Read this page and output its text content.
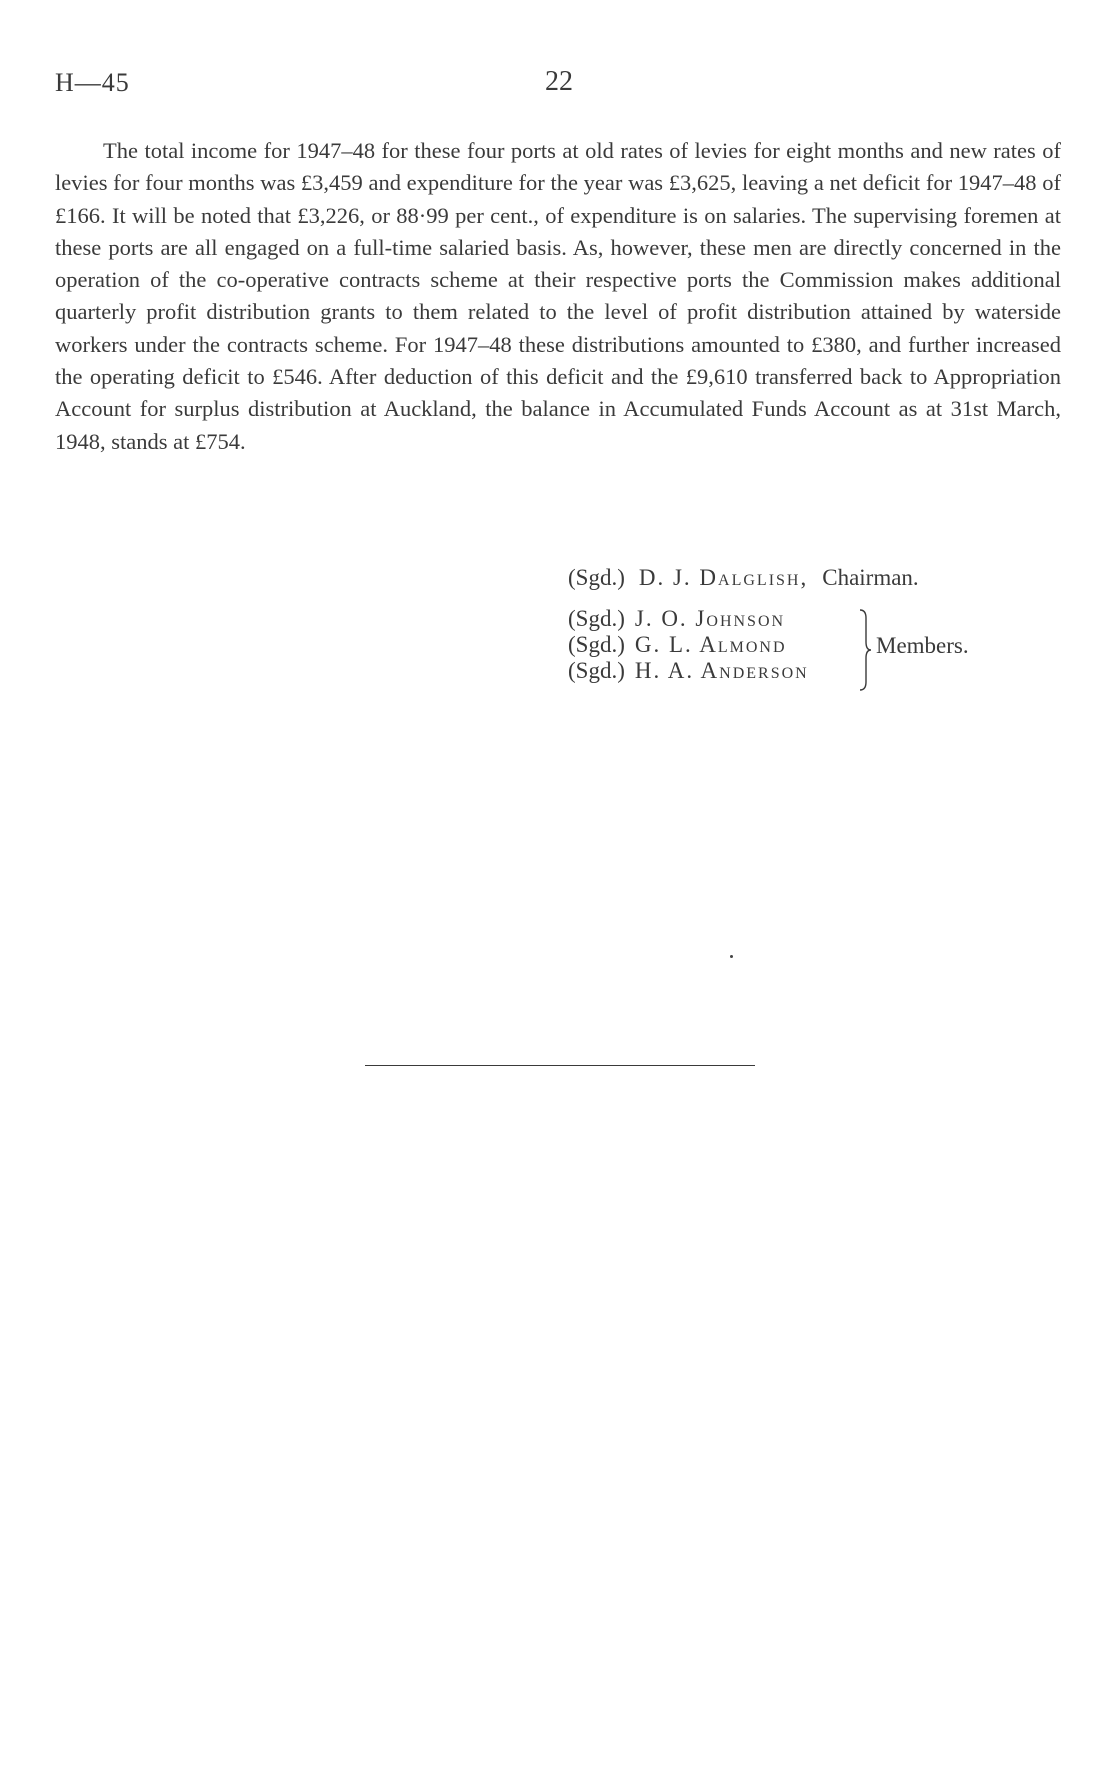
H—45	22

The total income for 1947–48 for these four ports at old rates of levies for eight months and new rates of levies for four months was £3,459 and expenditure for the year was £3,625, leaving a net deficit for 1947–48 of £166. It will be noted that £3,226, or 88·99 per cent., of expenditure is on salaries. The supervising foremen at these ports are all engaged on a full-time salaried basis. As, however, these men are directly concerned in the operation of the co-operative contracts scheme at their respective ports the Commission makes additional quarterly profit distribution grants to them related to the level of profit distribution attained by waterside workers under the contracts scheme. For 1947–48 these distributions amounted to £380, and further increased the operating deficit to £546. After deduction of this deficit and the £9,610 transferred back to Appropriation Account for surplus distribution at Auckland, the balance in Accumulated Funds Account as at 31st March, 1948, stands at £754.

(Sgd.) D. J. Dalglish, Chairman.
(Sgd.) J. O. Johnson
(Sgd.) G. L. Almond
(Sgd.) H. A. Anderson
Members.
